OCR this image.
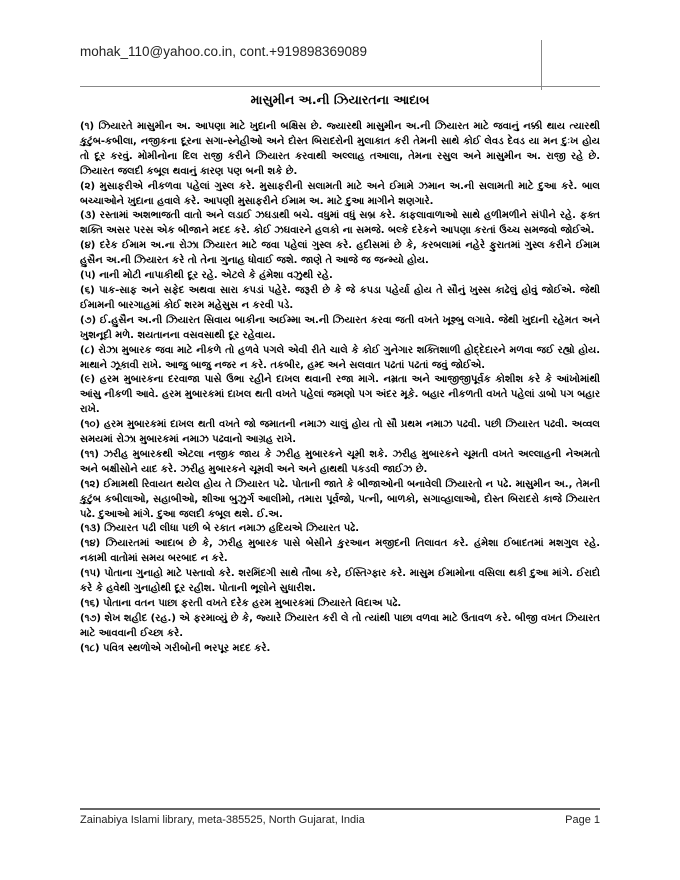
mohak_110@yahoo.co.in, cont.+919898369089
માસુમીન અ.ની ઝિયારતના આદાબ

(૧) ઝિયારતે માસુમીન અ. આપણા માટે ખુદાની બક્ષિસ છે. જ્યારથી માસુમીન અ.ની ઝિયારત માટે જવાનું નક્કી થાય ત્યારથી કુટુંબ-કબીલા, નજીકના દૂરના સગા-સ્નેહીઓ અને દોસ્ત બિરાદરોની મુલાકાત કરી તેમની સાથે કોઈ લેવડ દેવડ યા મન દુઃખ હોય તો દૂર કરવું. મોમીનોના દિલ રાજી કરીને ઝિયારત કરવાથી અલ્લાહ તઆલા, તેમના રસુલ અને માસુમીન અ. રાજી રહે છે. ઝિયારત જલદી કબૂલ થવાનું કારણ પણ બની શકે છે.

(૨) મુસાફરીએ નીકળવા પહેલાં ગુસ્લ કરે. મુસાફરીની સલામતી માટે અને ઈમામે ઝમાન અ.ની સલામતી માટે દુઆ કરે. બાલ બચ્ચાઓને ખુદાના હવાલે કરે. આપણી મુસાફરીને ઈમામ અ. માટે દુઆ માગીને શણગારે.

(૩) રસ્તામાં અશભાજતી વાતો અને લડાઈ ઝઘડાથી બચે. વધુમાં વધું સબ્ર કરે. કાફલાવાળાઓ સાથે હળીમળીને સંપીને રહે. ફક્ત શક્તિ અસર પરસ એક બીજાને મદદ કરે. કોઈ ઝઘવારને હલકો ના સમજે. બલ્કે દરેકને આપણા કરતાં ઉચ્ચ સમજવો જોઈએ.

(૪) દરેક ઈમામ અ.ના રોઝા ઝિયારત માટે જવા પહેલાં ગુસ્લ કરે. હદીસમાં છે કે, કરબલામાં નહેરે ફુરાતમાં ગુસ્લ કરીને ઈમામ હુસૈન અ.ની ઝિયારત કરે તો તેના ગુનાહ ધોવાઈ જશે. જાણે તે આજે જ જન્મ્યો હોય.

(૫) નાની મોટી નાપાકીથી દૂર રહે. એટલે કે હંમેશા વઝુથી રહે.

(૬) પાક-સાફ અને સફેદ અથવા સારા કપડાં પહેરે. જરૂરી છે કે જે કપડા પહેર્યા હોય તે સૌનું ખુસ્સ કાઢેલું હોવું જોઈએ. જેથી ઈમામની બારગાહમાં કોઈ શરમ મહેસુસ ન કરવી પડે.

(૭) ઈ.હુસૈન અ.ની ઝિયારત સિવાય બાકીના અઈમ્મા અ.ની ઝિયારત કરવા જતી વખતે ખૂશ્બુ લગાવે. જેથી ખુદાની રહેમત અને ખુશનૂદી મળે. શયતાનના વસવસાથી દૂર રહેવાય.

(૮) રોઝા મુબારક જવા માટે નીકળે તો હળવે પગલે એવી રીતે ચાલે કે કોઈ ગુનેગાર શક્તિશાળી હોદ્દેદારને મળવા જઈ રહ્યો હોય. માથાને ઝૂકાવી રાખે. આજુ બાજુ નજર ન કરે. તકબીર, હમ્દ અને સલવાત પઢતાં પઢતાં જવું જોઈએ.

(૯) હરમ મુબારકના દરવાજા પાસે ઉભા રહીને દાખલ થવાની રજા માગે. નમ્રતા અને આજીજીપૂર્વક કોશીશ કરે કે આંખોમાંથી આંસુ નીકળી આવે. હરમ મુબારકમાં દાખલ થતી વખતે પહેલાં જમણો પગ અંદર મૂકે. બહાર નીકળતી વખતે પહેલાં ડાબો પગ બહાર રાખે.

(૧૦) હરમ મુબારકમાં દાખલ થતી વખતે જો જમાતની નમાઝ ચાલું હોય તો સૌ પ્રથમ નમાઝ પઢવી. પછી ઝિયારત પઢવી. અવ્વલ સમયમાં રોઝા મુબારકમાં નમાઝ પઢવાનો આગ્રહ રાખે.

(૧૧) ઝરીહ મુબારકથી એટલા નજીક જાય કે ઝરીહ મુબારકને ચૂમી શકે. ઝરીહ મુબારકને ચૂમતી વખતે અલ્લાહની નેઅમતો અને બક્ષીસોને યાદ કરે. ઝરીહ મુબારકને ચૂમવી અને અને હાથથી પકડવી જાઈઝ છે.

(૧૨) ઈમામથી રિવાયત થયેલ હોય તે ઝિયારત પઢે. પોતાની જાતે કે બીજાઓની બનાવેલી ઝિયારતો ન પઢે. માસુમીન અ., તેમની કુટુંબ કબીલાઓ, સહાબીઓ, શીઆ બુઝુર્ગ આલીમો, તમારા પૂર્વજો, પત્ની, બાળકો, સગાવ્હાલાઓ, દોસ્ત બિરાદરો કાજે ઝિયારત પઢે. દુઆઓ માંગે. દુઆ જલદી કબૂલ થશે. ઈ.અ.

(૧૩) ઝિયારત પઢી લીધા પછી બે રકાત નમાઝ હદિયએ ઝિયારત પઢે.

(૧૪) ઝિયારતમાં આદાબ છે કે, ઝરીહ મુબારક પાસે બેસીને કુરઆન મજીદની તિલાવત કરે. હંમેશા ઈબાદતમાં મશગુલ રહે. નકામી વાતોમાં સમય બરબાદ ન કરે.

(૧૫) પોતાના ગુનાહો માટે પસ્તાવો કરે. શરમિંદગી સાથે તૌબા કરે, ઈસ્તિગ્ફાર કરે. માસુમ ઈમામોના વસિલા થકી દુઆ માંગે. ઈરાદો કરે કે હવેથી ગુનાહોથી દૂર રહીશ. પોતાની ભૂલોને સુધારીશ.

(૧૬) પોતાના વતન પાછા ફરતી વખતે દરેક હરમ મુબારકમાં ઝિયારતે વિદાઅ પઢે.

(૧૭) શેખ શહીદ (રહ.) એ ફરમાવ્યું છે કે, જ્યારે ઝિયારત કરી લે તો ત્યાંથી પાછા વળવા માટે ઉતાવળ કરે. બીજી વખત ઝિયારત માટે આવવાની ઈચ્છા કરે.

(૧૮) પવિત્ર સ્થળોએ ગરીબોની ભરપૂર મદદ કરે.

Zainabiya Islami library, meta-385525, North Gujarat, India	Page 1
